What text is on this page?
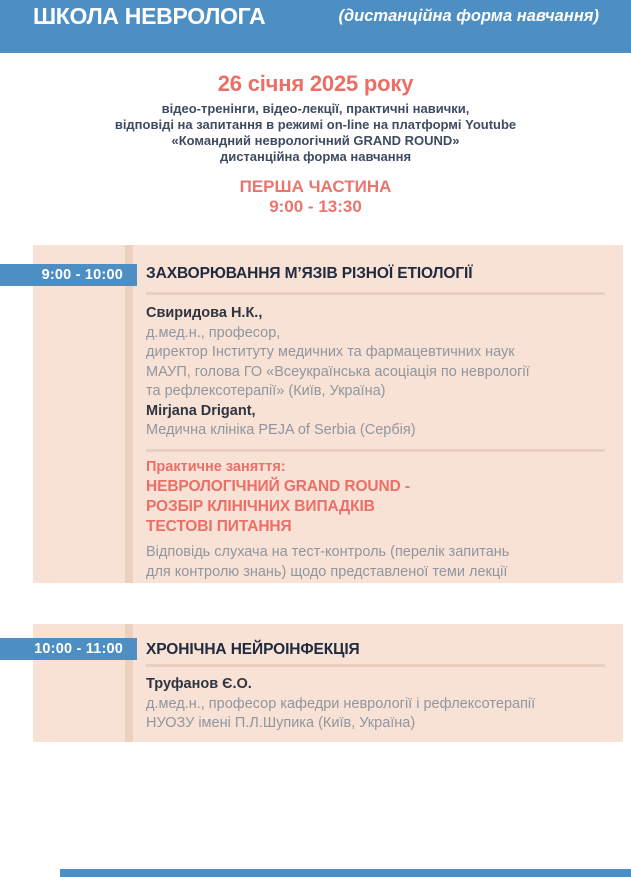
ШКОЛА НЕВРОЛОГА	(дистанційна форма навчання)
26 січня 2025 року
відео-тренінги, відео-лекції, практичні навички,
відповіді на запитання в режимі on-line на платформі Youtube
«Командний неврологічний GRAND ROUND»
дистанційна форма навчання
ПЕРША ЧАСТИНА
9:00 - 13:30
9:00 - 10:00	ЗАХВОРЮВАННЯ М’ЯЗІВ РІЗНОЇ ЕТІОЛОГІЇ
Свиридова Н.К.,
д.мед.н., професор,
директор Інституту медичних та фармацевтичних наук
МАУП, голова ГО «Всеукраїнська асоціація по неврології
та рефлексотерапії» (Київ, Україна)
Mirjana Drigant,
Медична клініка PEJA of Serbia (Сербія)
Практичне заняття:
НЕВРОЛОГІЧНИЙ GRAND ROUND -
РОЗБІР КЛІНІЧНИХ ВИПАДКІВ
ТЕСТОВІ ПИТАННЯ
Відповідь слухача на тест-контроль (перелік запитань
для контролю знань) щодо представленої теми лекції
10:00 - 11:00	ХРОНІЧНА НЕЙРОІНФЕКЦІЯ
Труфанов Є.О.
д.мед.н., професор кафедри неврології і рефлексотерапії
НУОЗУ імені П.Л.Шупика (Київ, Україна)
